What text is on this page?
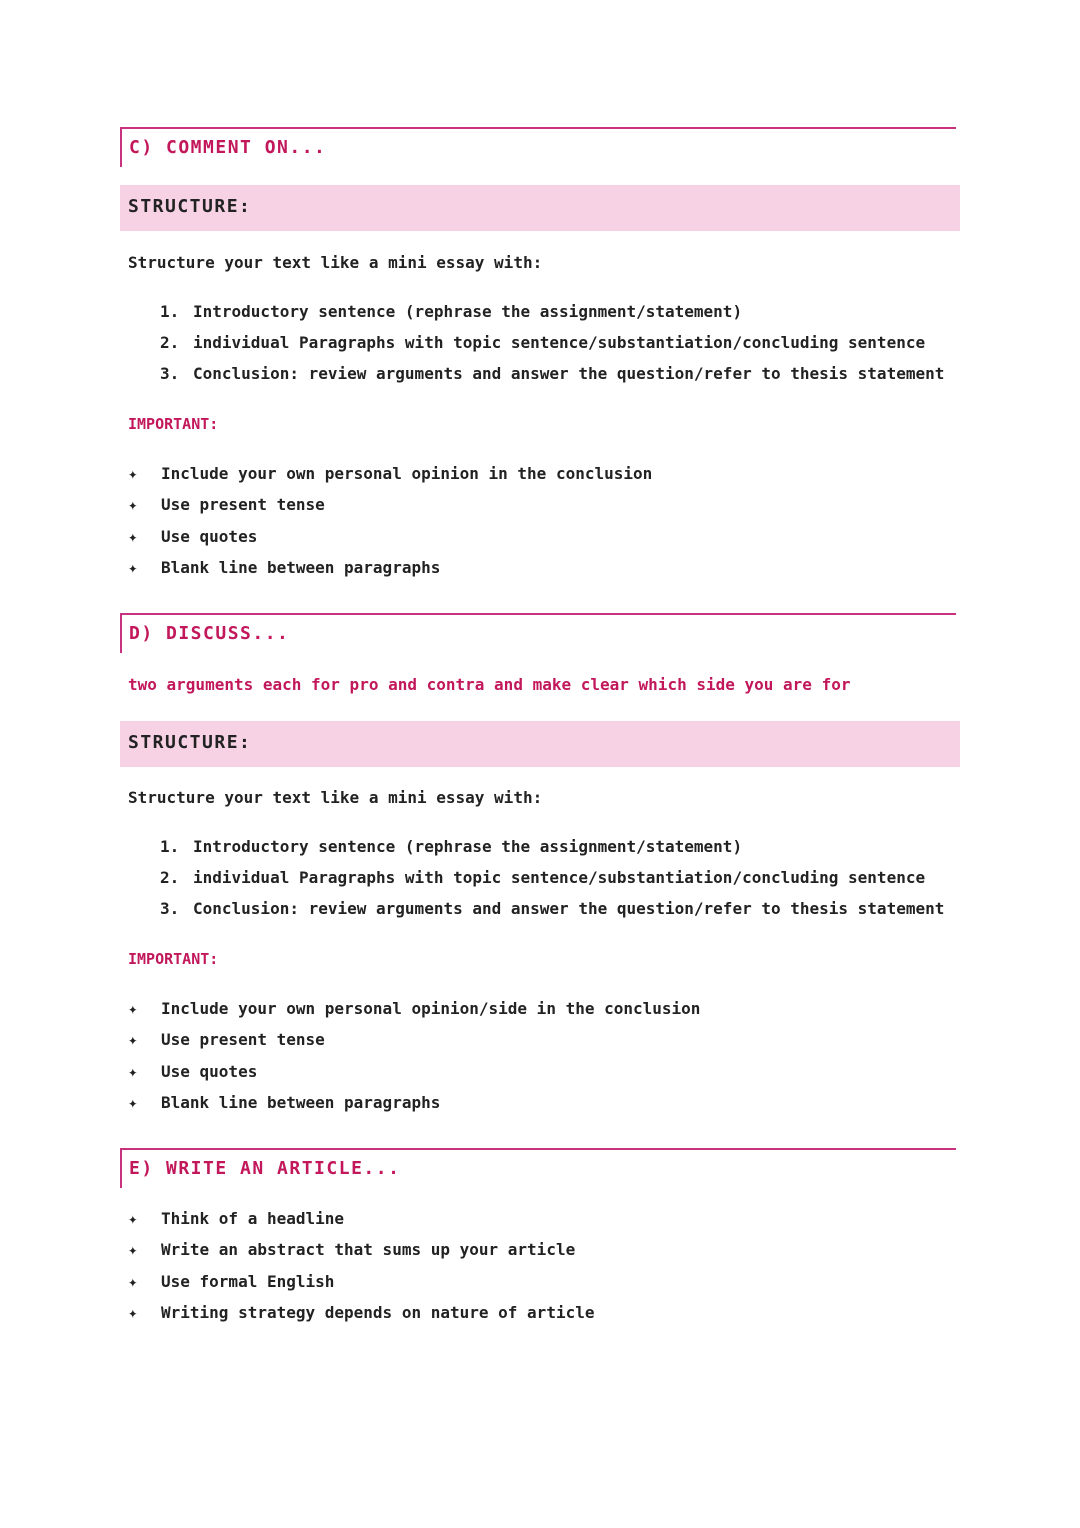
C) COMMENT ON...
STRUCTURE:
Structure your text like a mini essay with:
1. Introductory sentence (rephrase the assignment/statement)
2. individual Paragraphs with topic sentence/substantiation/concluding sentence
3. Conclusion: review arguments and answer the question/refer to thesis statement
IMPORTANT:
✦ Include your own personal opinion in the conclusion
✦ Use present tense
✦ Use quotes
✦ Blank line between paragraphs
D) DISCUSS...
two arguments each for pro and contra and make clear which side you are for
STRUCTURE:
Structure your text like a mini essay with:
1. Introductory sentence (rephrase the assignment/statement)
2. individual Paragraphs with topic sentence/substantiation/concluding sentence
3. Conclusion: review arguments and answer the question/refer to thesis statement
IMPORTANT:
✦ Include your own personal opinion/side in the conclusion
✦ Use present tense
✦ Use quotes
✦ Blank line between paragraphs
E) WRITE AN ARTICLE...
✦ Think of a headline
✦ Write an abstract that sums up your article
✦ Use formal English
✦ Writing strategy depends on nature of article
